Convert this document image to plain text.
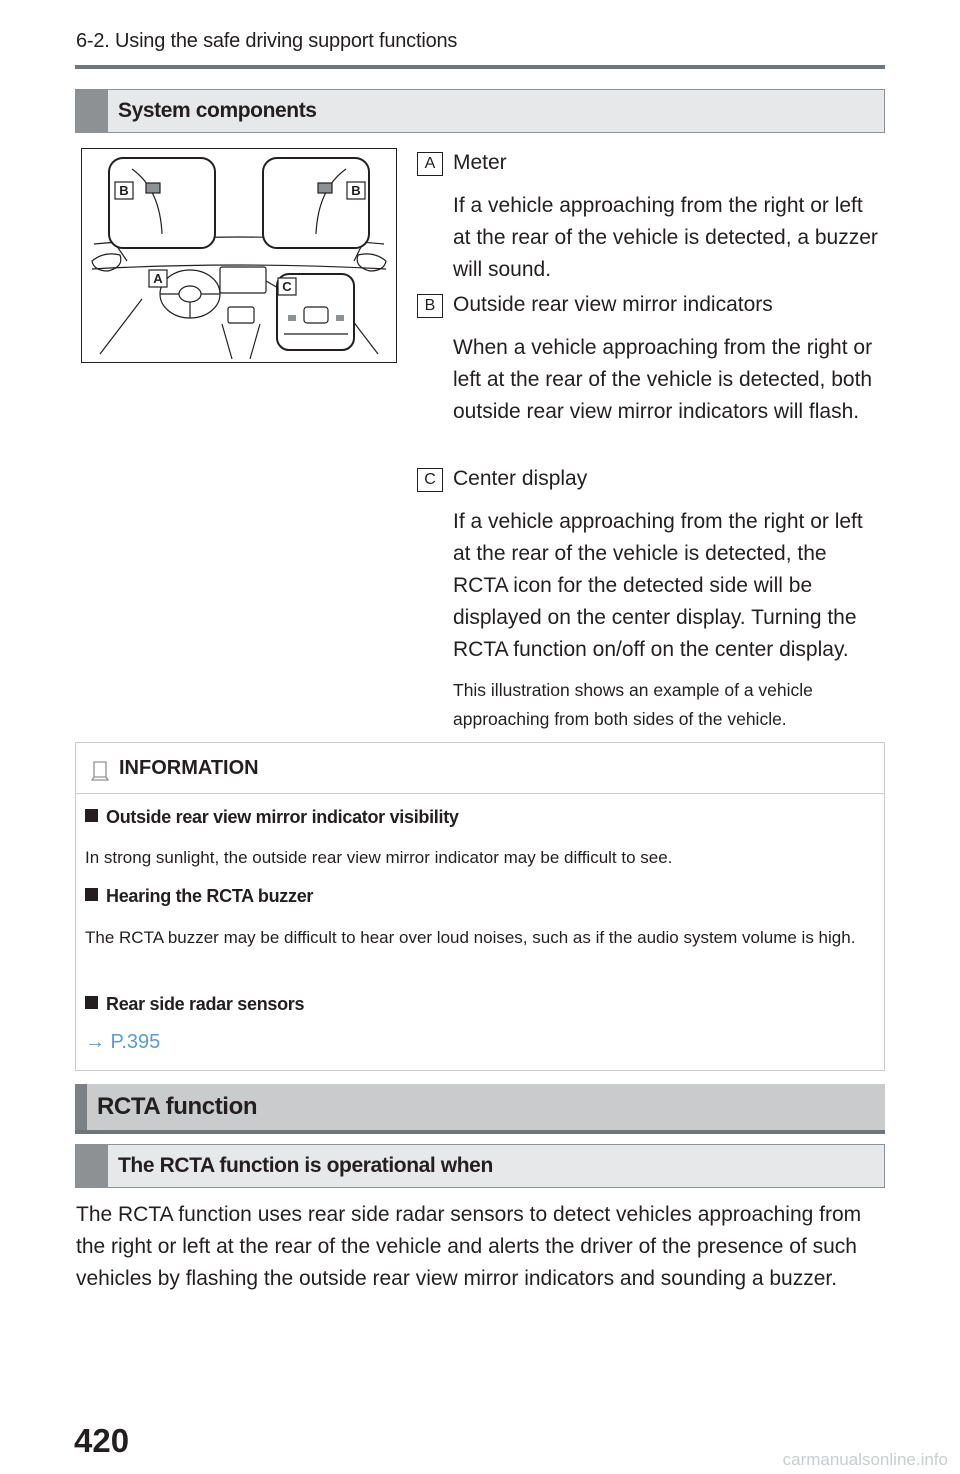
6-2. Using the safe driving support functions
System components
B	B
A
C
A Meter
If a vehicle approaching from the right or left at the rear of the vehicle is detected, a buzzer will sound.
B Outside rear view mirror indicators
When a vehicle approaching from the right or left at the rear of the vehicle is detected, both outside rear view mirror indicators will flash.
C Center display
If a vehicle approaching from the right or left at the rear of the vehicle is detected, the RCTA icon for the detected side will be displayed on the center display. Turning the RCTA function on/off on the center display.
This illustration shows an example of a vehicle approaching from both sides of the vehicle.
INFORMATION
Outside rear view mirror indicator visibility
In strong sunlight, the outside rear view mirror indicator may be difficult to see.
Hearing the RCTA buzzer
The RCTA buzzer may be difficult to hear over loud noises, such as if the audio system volume is high.
Rear side radar sensors
→ P.395
RCTA function
The RCTA function is operational when
The RCTA function uses rear side radar sensors to detect vehicles approaching from the right or left at the rear of the vehicle and alerts the driver of the presence of such vehicles by flashing the outside rear view mirror indicators and sounding a buzzer.
420
carmanualsonline.info
